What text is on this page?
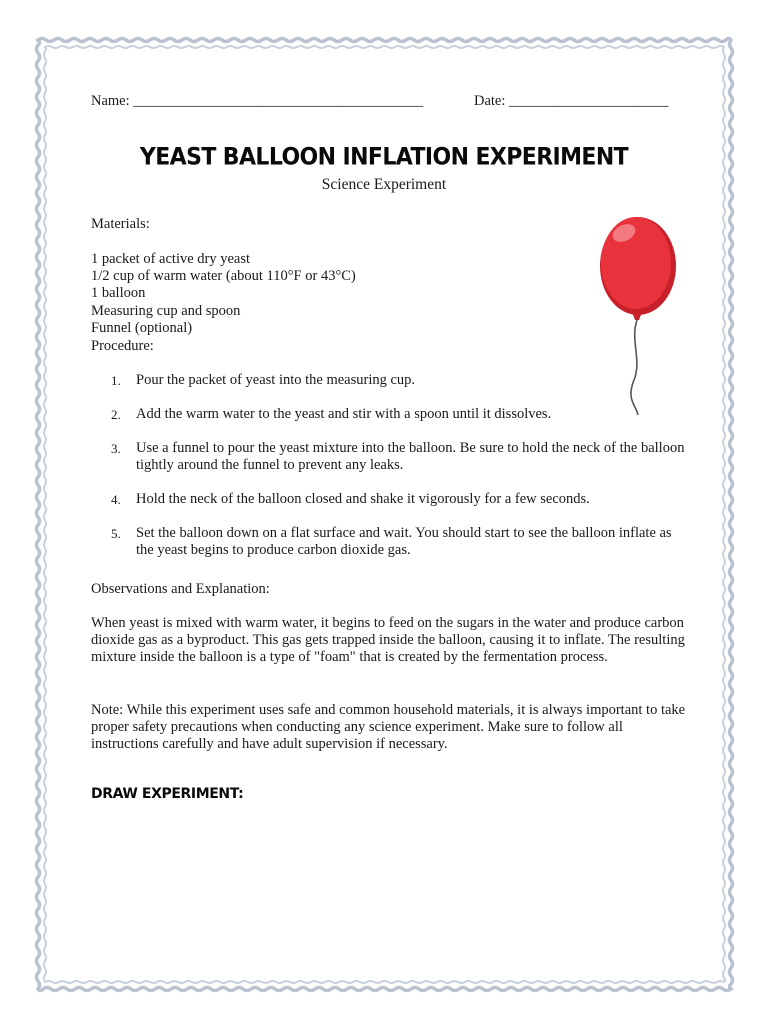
Name: ________________________________________	Date: ______________________
YEAST BALLOON INFLATION EXPERIMENT
Science Experiment
Materials:
1 packet of active dry yeast
1/2 cup of warm water (about 110°F or 43°C)
1 balloon
Measuring cup and spoon
Funnel (optional)
Procedure:
1. Pour the packet of yeast into the measuring cup.
2. Add the warm water to the yeast and stir with a spoon until it dissolves.
3. Use a funnel to pour the yeast mixture into the balloon. Be sure to hold the neck of the balloon tightly around the funnel to prevent any leaks.
4. Hold the neck of the balloon closed and shake it vigorously for a few seconds.
5. Set the balloon down on a flat surface and wait. You should start to see the balloon inflate as the yeast begins to produce carbon dioxide gas.
Observations and Explanation:
When yeast is mixed with warm water, it begins to feed on the sugars in the water and produce carbon dioxide gas as a byproduct. This gas gets trapped inside the balloon, causing it to inflate. The resulting mixture inside the balloon is a type of "foam" that is created by the fermentation process.
Note: While this experiment uses safe and common household materials, it is always important to take proper safety precautions when conducting any science experiment. Make sure to follow all instructions carefully and have adult supervision if necessary.
DRAW EXPERIMENT:
